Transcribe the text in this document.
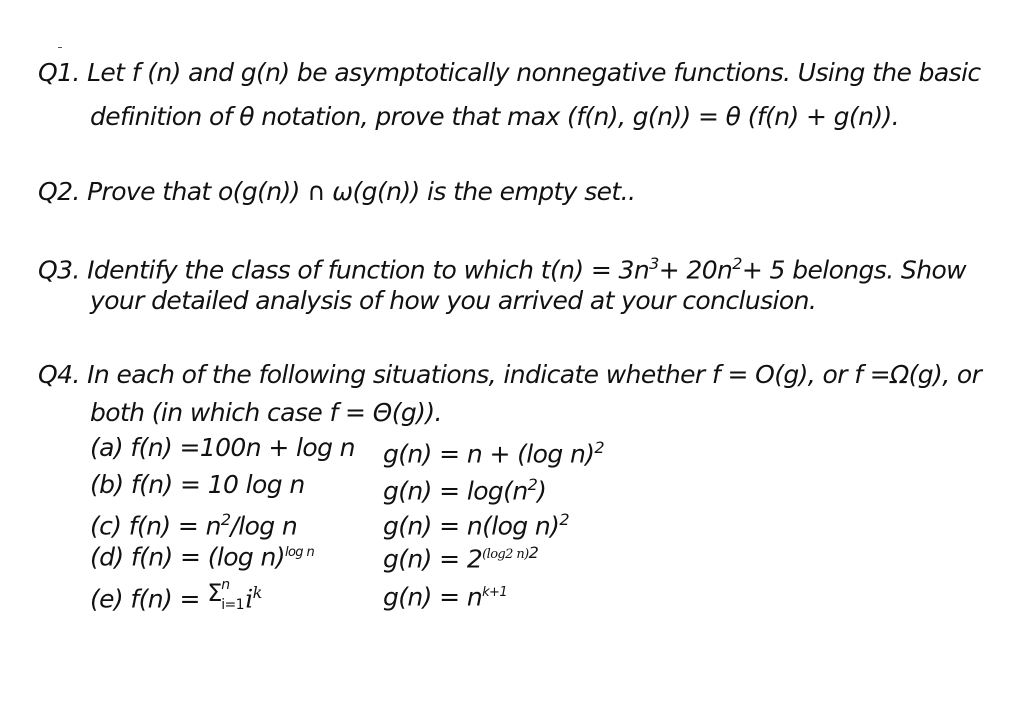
Q1. Let f (n) and g(n) be asymptotically nonnegative functions. Using the basic
definition of θ notation, prove that max (f(n), g(n)) = θ (f(n) + g(n)).
Q2. Prove that o(g(n)) ∩ ω(g(n)) is the empty set..
Q3. Identify the class of function to which $t(n) = 3n^3+ 20n^2+ 5$ belongs. Show
your detailed analysis of how you arrived at your conclusion.
Q4. In each of the following situations, indicate whether f = O(g), or f =Ω(g), or
both (in which case f = Θ(g)).
(a) f(n) =100n + log n g(n) = n + (log n)$^2$
(b) f(n) = 10 log n	$g(n) = \log(n^2)$
(c) $f(n) = n^2/\log$ n	g(n) = n(log n)$^2$
(d) f(n) = (log n)$^{log n}$	$g(n) = 2^{(log2 n)2}$
(e) f(n) = Σ n
i=1 $i^k$	$g(n) = n^{k+1}$
